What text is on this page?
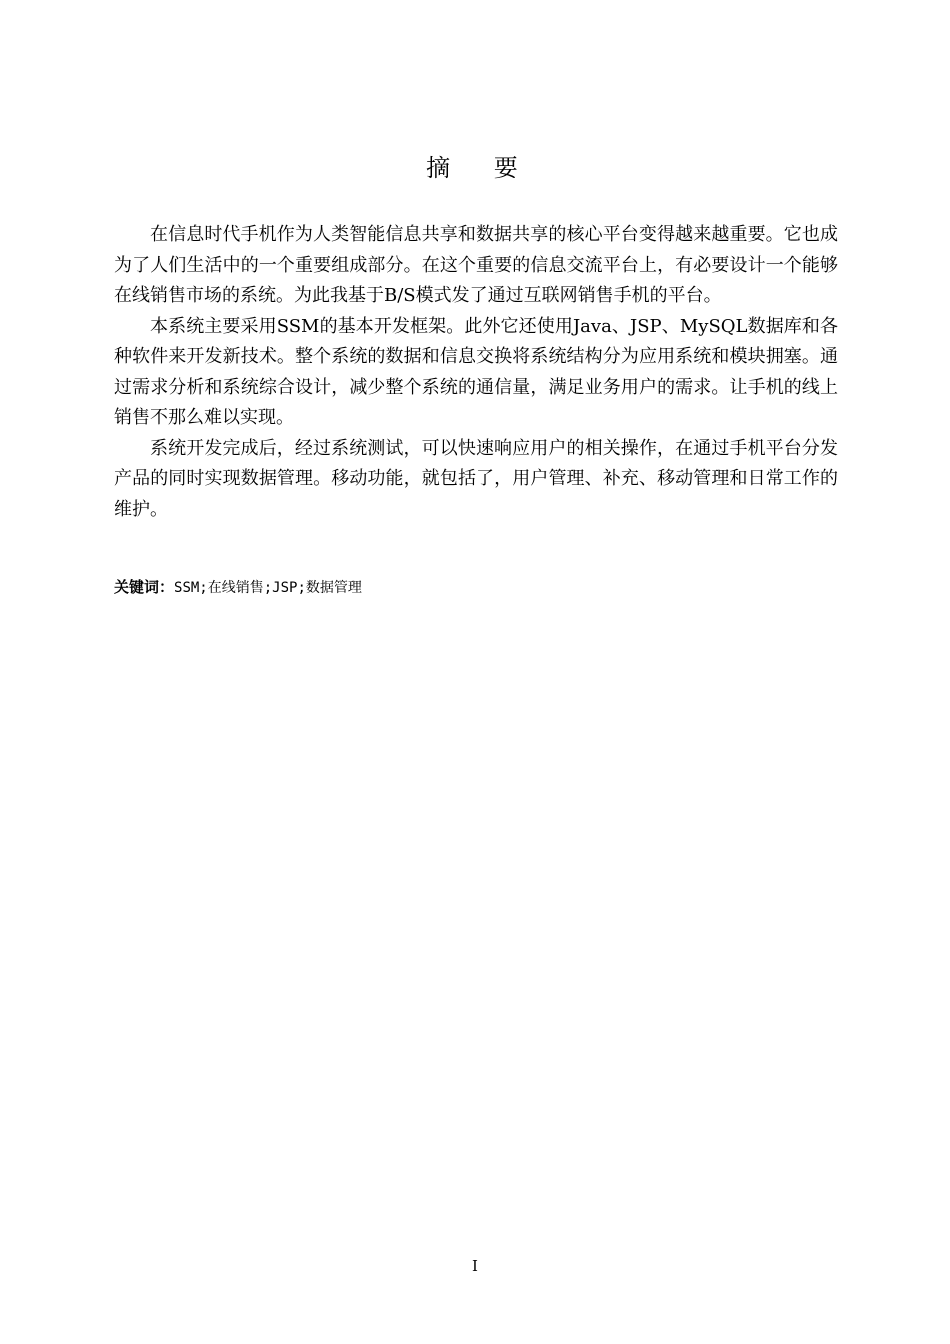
摘 要

在信息时代手机作为人类智能信息共享和数据共享的核心平台变得越来越重要。它也成为了人们生活中的一个重要组成部分。在这个重要的信息交流平台上，有必要设计一个能够在线销售市场的系统。为此我基于B/S模式发了通过互联网销售手机的平台。

本系统主要采用SSM的基本开发框架。此外它还使用Java、JSP、MySQL数据库和各种软件来开发新技术。整个系统的数据和信息交换将系统结构分为应用系统和模块拥塞。通过需求分析和系统综合设计，减少整个系统的通信量，满足业务用户的需求。让手机的线上销售不那么难以实现。

系统开发完成后，经过系统测试，可以快速响应用户的相关操作，在通过手机平台分发产品的同时实现数据管理。移动功能，就包括了，用户管理、补充、移动管理和日常工作的维护。

关键词：SSM;在线销售;JSP;数据管理
I
